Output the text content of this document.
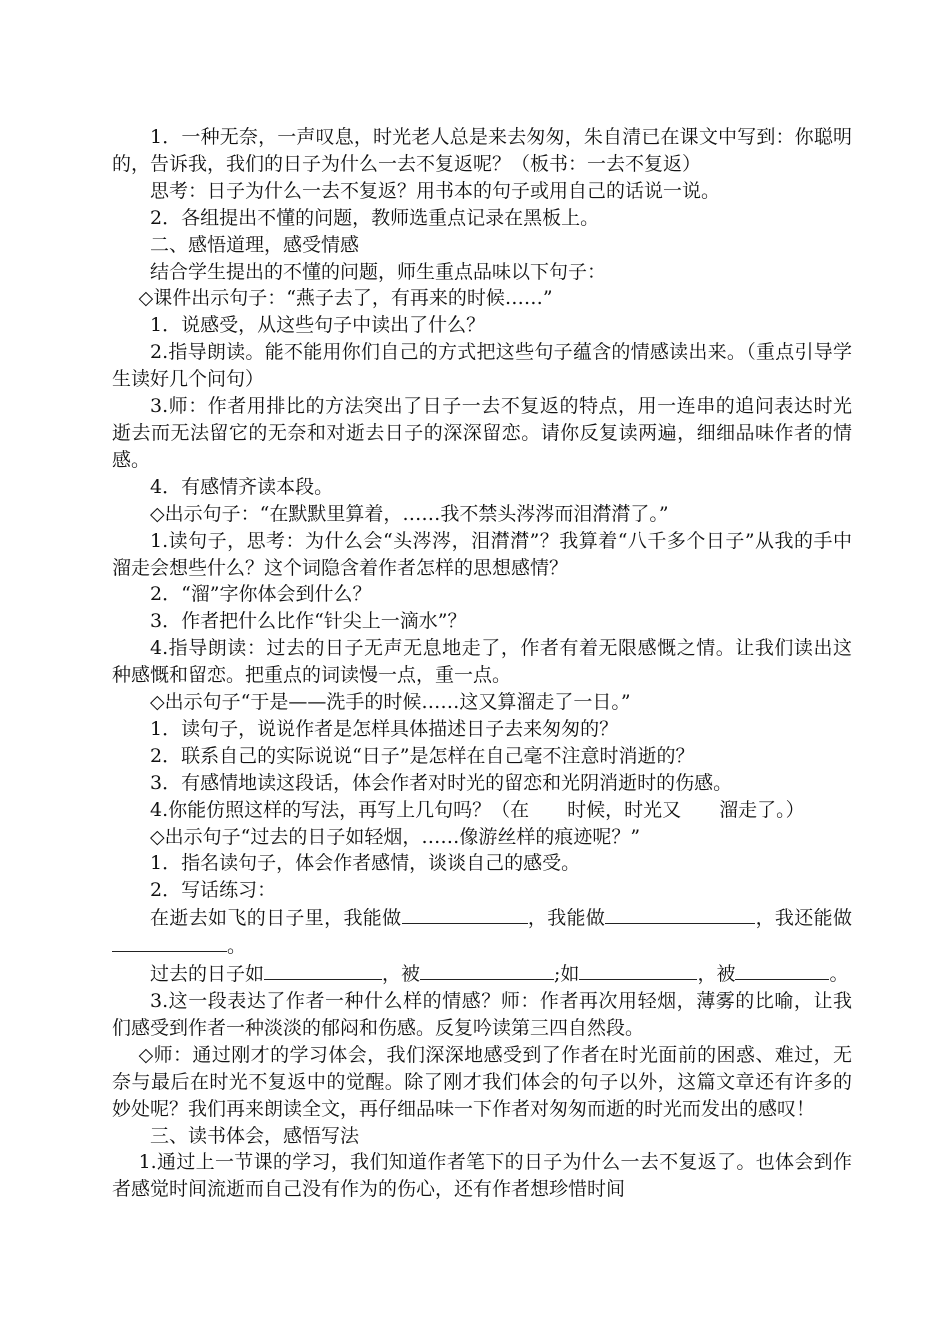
1．一种无奈，一声叹息，时光老人总是来去匆匆，朱自清已在课文中写到：你聪明的，告诉我，我们的日子为什么一去不复返呢？（板书：一去不复返）

思考：日子为什么一去不复返？用书本的句子或用自己的话说一说。

2．各组提出不懂的问题，教师选重点记录在黑板上。

二、感悟道理，感受情感

结合学生提出的不懂的问题，师生重点品味以下句子：

◇课件出示句子：“燕子去了，有再来的时候……”

1．说感受，从这些句子中读出了什么？

2.指导朗读。能不能用你们自己的方式把这些句子蕴含的情感读出来。（重点引导学生读好几个问句）

3.师：作者用排比的方法突出了日子一去不复返的特点，用一连串的追问表达时光逝去而无法留它的无奈和对逝去日子的深深留恋。请你反复读两遍，细细品味作者的情感。

4．有感情齐读本段。

◇出示句子：“在默默里算着，……我不禁头涔涔而泪潸潸了。”

1.读句子，思考：为什么会“头涔涔，泪潸潸”？我算着“八千多个日子”从我的手中溜走会想些什么？这个词隐含着作者怎样的思想感情？

2．“溜”字你体会到什么？

3．作者把什么比作“针尖上一滴水”？

4.指导朗读：过去的日子无声无息地走了，作者有着无限感慨之情。让我们读出这种感慨和留恋。把重点的词读慢一点，重一点。

◇出示句子“于是——洗手的时候……这又算溜走了一日。”

1．读句子，说说作者是怎样具体描述日子去来匆匆的？

2．联系自己的实际说说“日子”是怎样在自己毫不注意时消逝的？

3．有感情地读这段话，体会作者对时光的留恋和光阴消逝时的伤感。

4.你能仿照这样的写法，再写上几句吗？（在　　时候，时光又　　溜走了。）

◇出示句子“过去的日子如轻烟，……像游丝样的痕迹呢？”

1．指名读句子，体会作者感情，谈谈自己的感受。

2．写话练习：

在逝去如飞的日子里，我能做	，我能做	，我还能做。

过去的日子如	，被	;如	，被	。

3.这一段表达了作者一种什么样的情感？师：作者再次用轻烟，薄雾的比喻，让我们感受到作者一种淡淡的郁闷和伤感。反复吟读第三四自然段。

◇师：通过刚才的学习体会，我们深深地感受到了作者在时光面前的困惑、难过，无奈与最后在时光不复返中的觉醒。除了刚才我们体会的句子以外，这篇文章还有许多的妙处呢？我们再来朗读全文，再仔细品味一下作者对匆匆而逝的时光而发出的感叹！

三、读书体会，感悟写法

1.通过上一节课的学习，我们知道作者笔下的日子为什么一去不复返了。也体会到作者感觉时间流逝而自己没有作为的伤心，还有作者想珍惜时间
